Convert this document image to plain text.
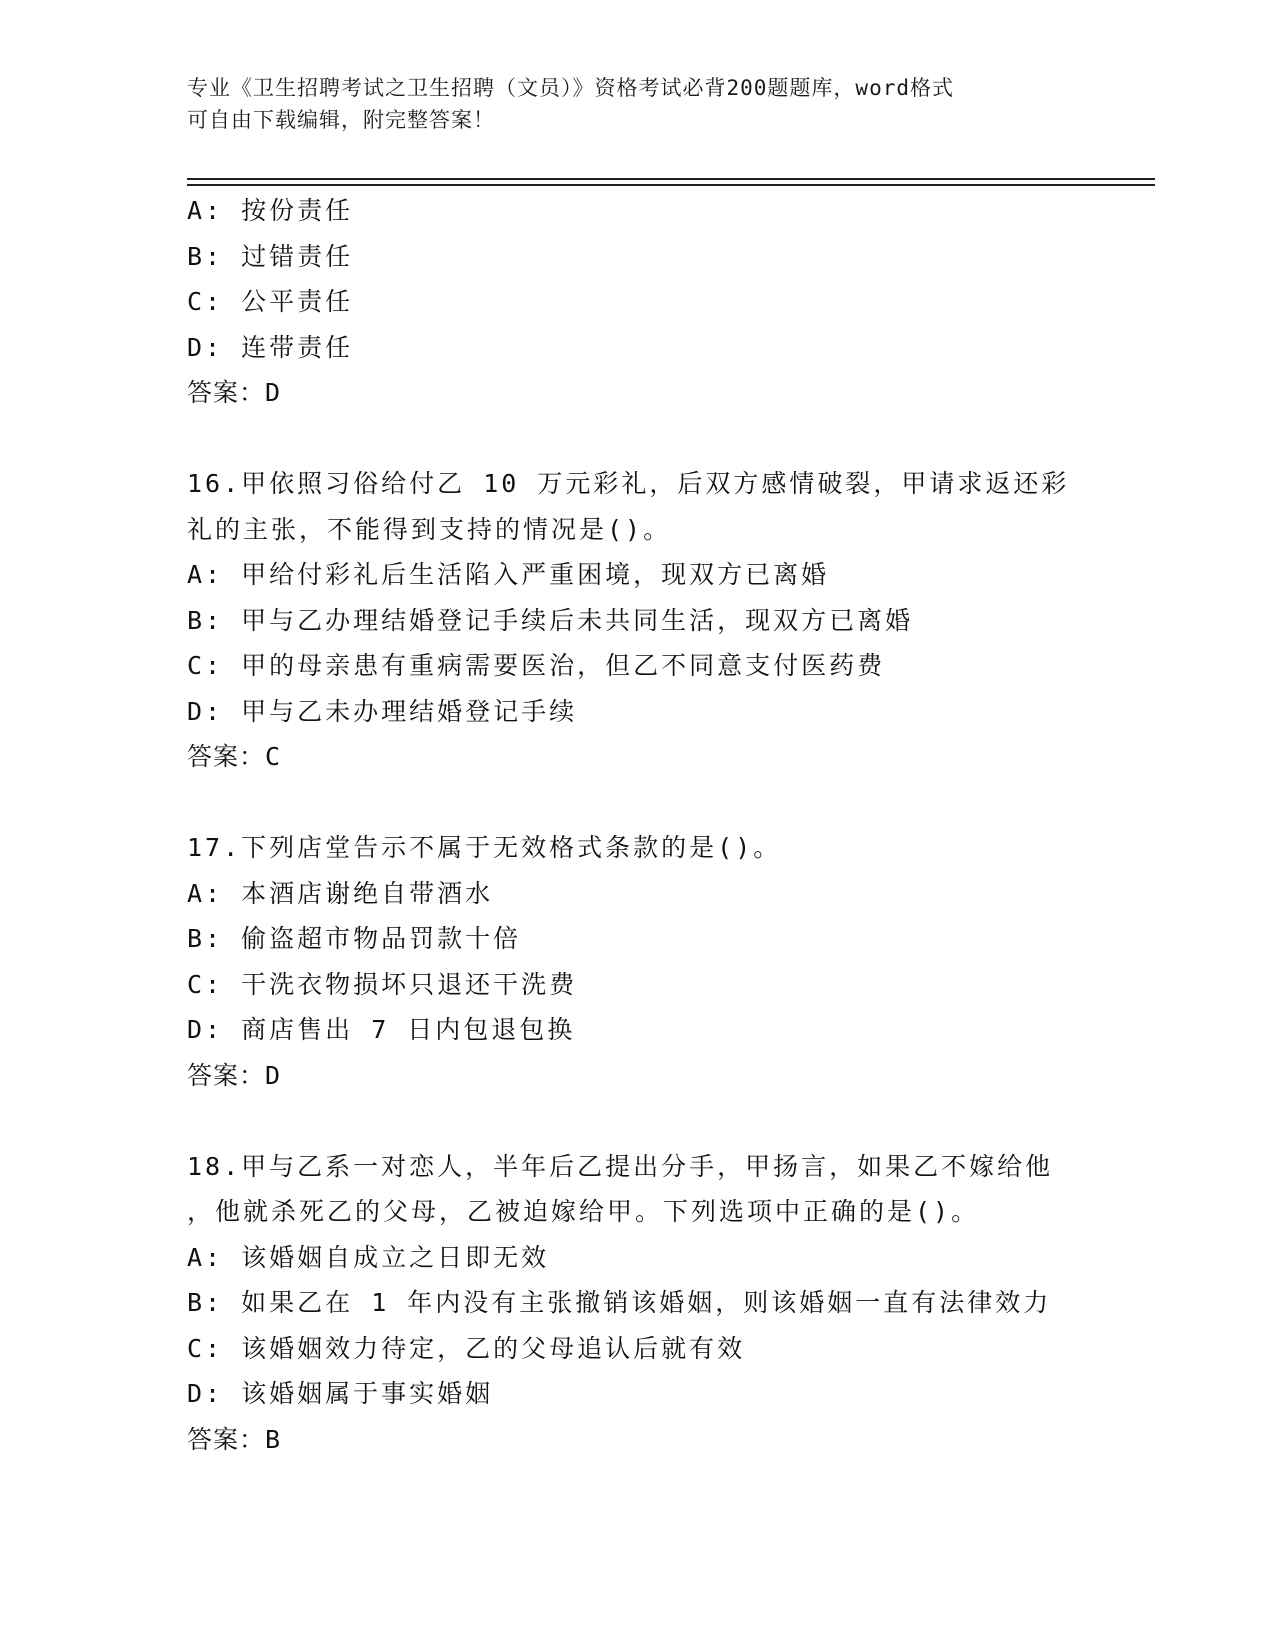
专业《卫生招聘考试之卫生招聘（文员）》资格考试必背200题题库，word格式
可自由下载编辑，附完整答案！
A: 按份责任
B: 过错责任
C: 公平责任
D: 连带责任
答案：D
16.甲依照习俗给付乙 10 万元彩礼，后双方感情破裂，甲请求返还彩
礼的主张，不能得到支持的情况是()。
A: 甲给付彩礼后生活陷入严重困境，现双方已离婚
B: 甲与乙办理结婚登记手续后未共同生活，现双方已离婚
C: 甲的母亲患有重病需要医治，但乙不同意支付医药费
D: 甲与乙未办理结婚登记手续
答案：C
17.下列店堂告示不属于无效格式条款的是()。
A: 本酒店谢绝自带酒水
B: 偷盗超市物品罚款十倍
C: 干洗衣物损坏只退还干洗费
D: 商店售出 7 日内包退包换
答案：D
18.甲与乙系一对恋人，半年后乙提出分手，甲扬言，如果乙不嫁给他
，他就杀死乙的父母，乙被迫嫁给甲。下列选项中正确的是()。
A: 该婚姻自成立之日即无效
B: 如果乙在 1 年内没有主张撤销该婚姻，则该婚姻一直有法律效力
C: 该婚姻效力待定，乙的父母追认后就有效
D: 该婚姻属于事实婚姻
答案：B
